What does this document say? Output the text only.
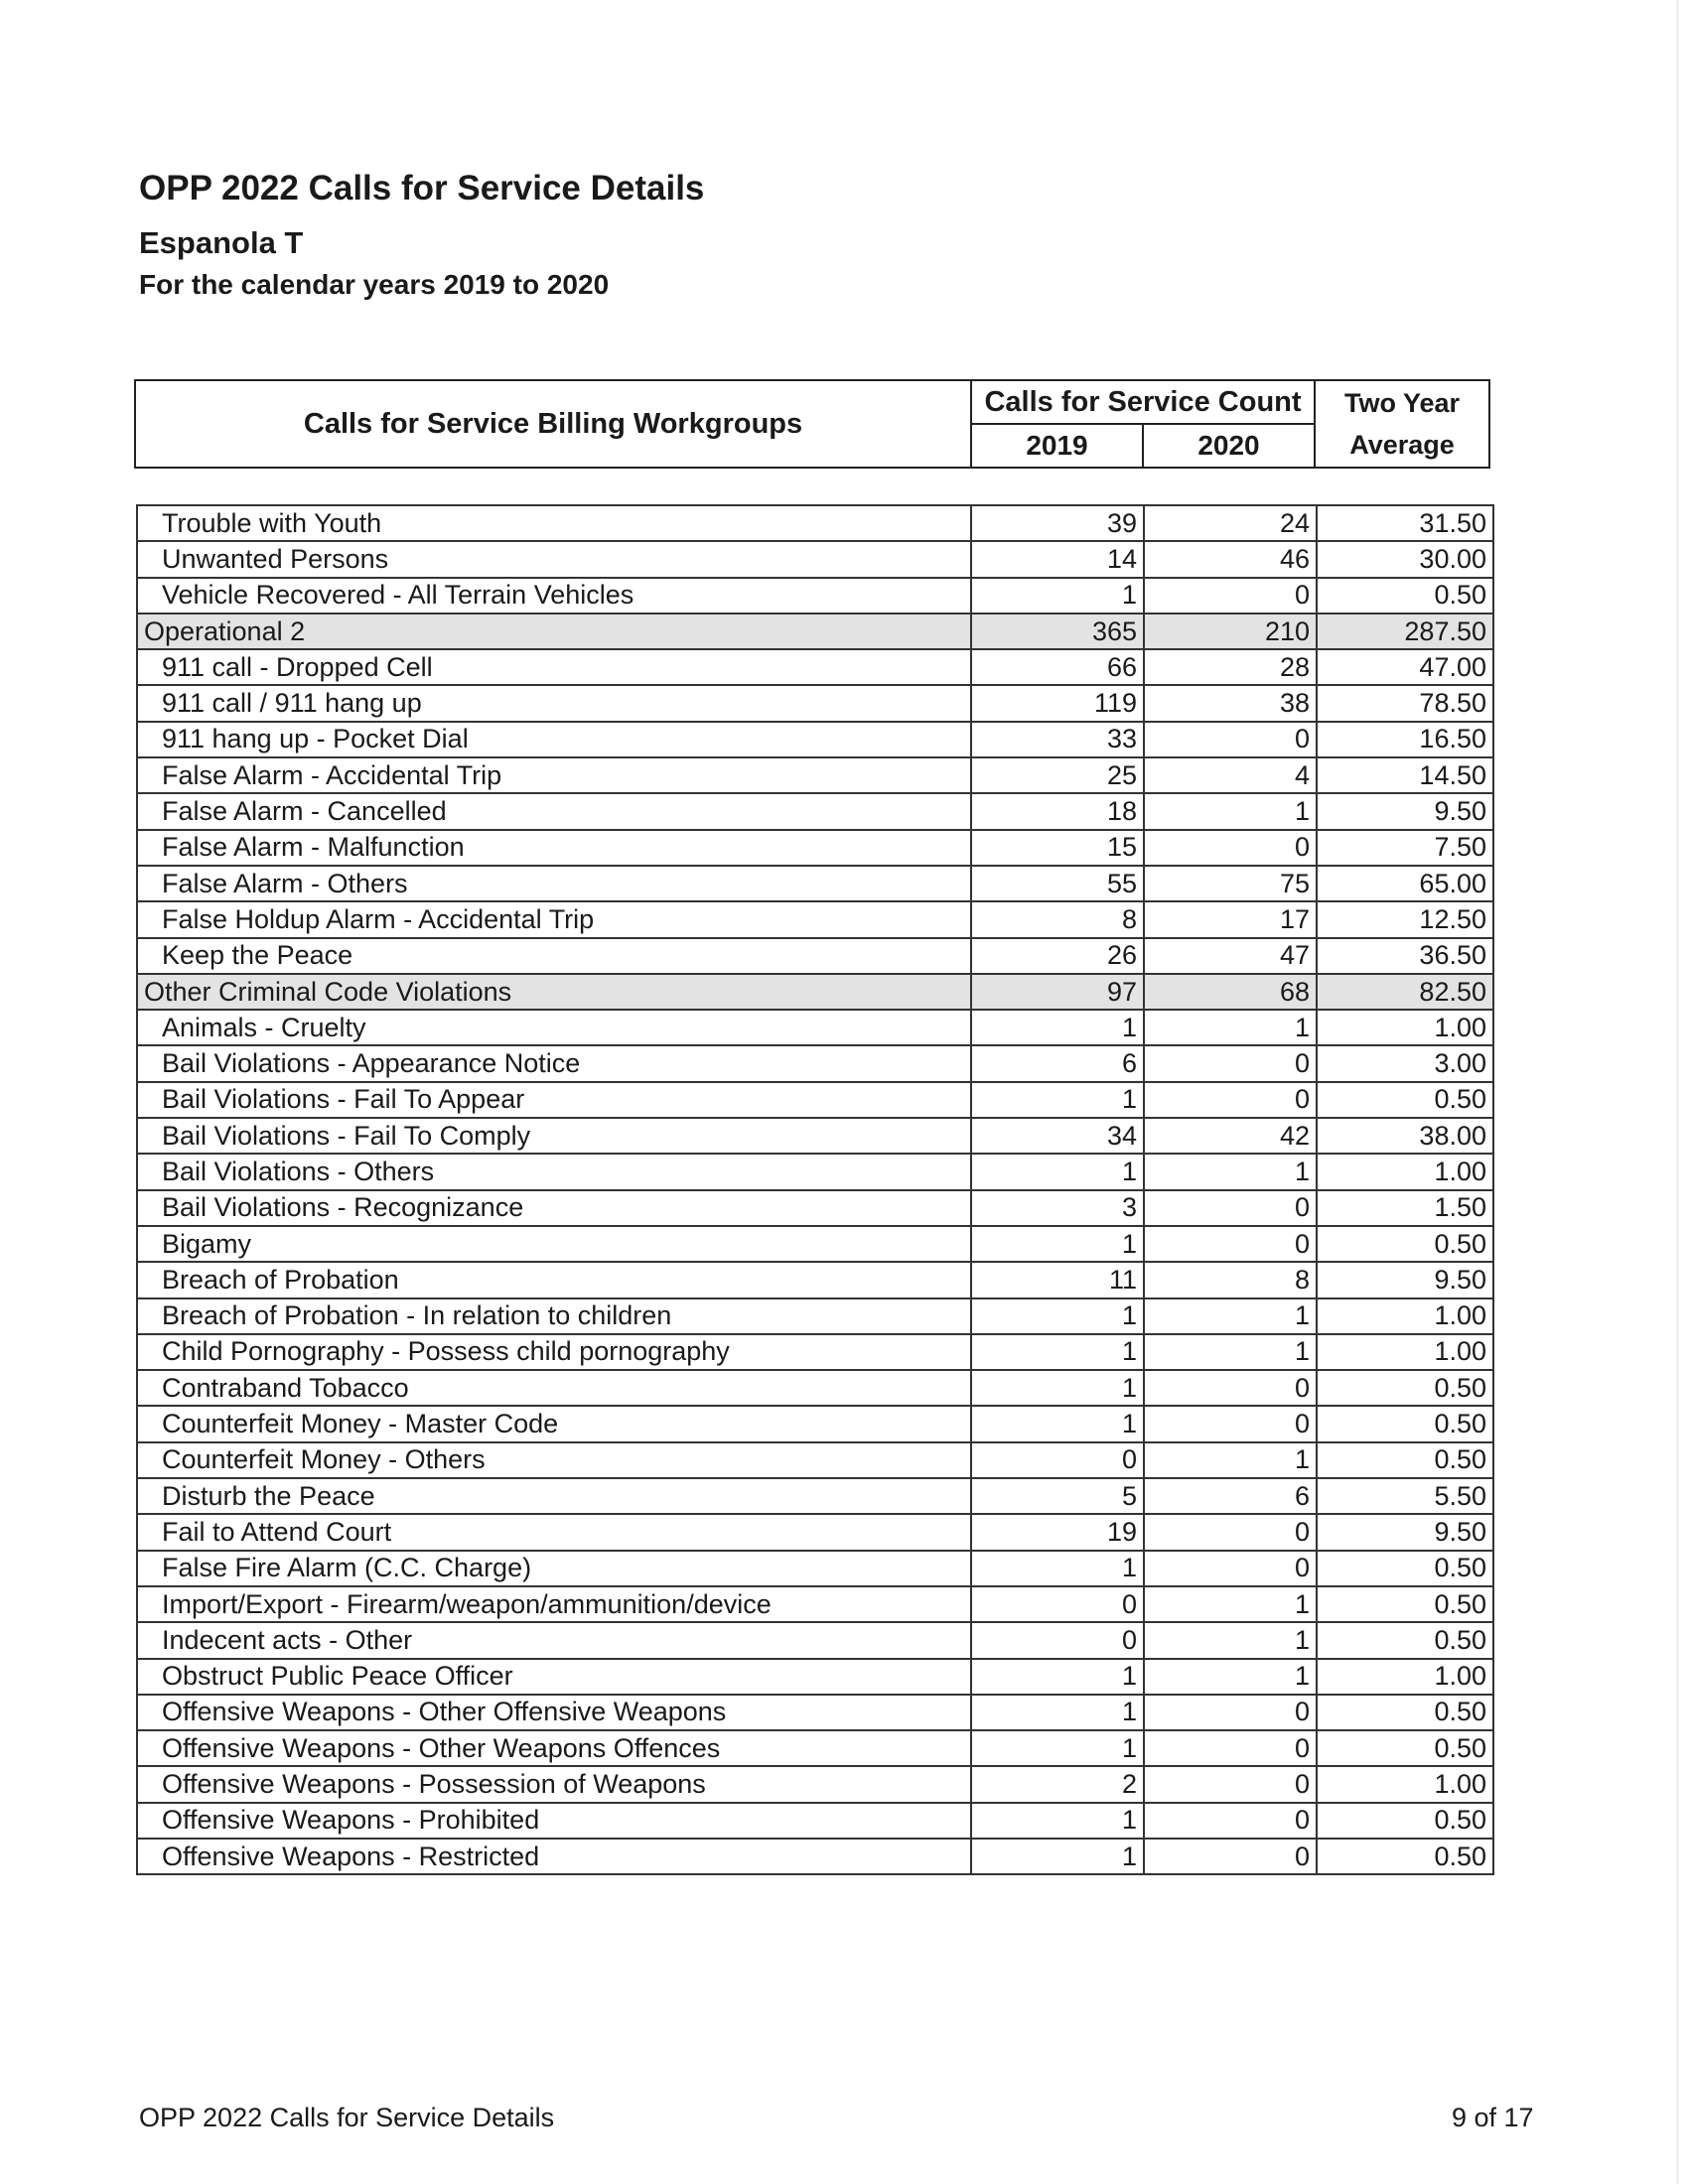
OPP 2022 Calls for Service Details
Espanola T
For the calendar years 2019 to 2020
Calls for Service Billing Workgroups
Calls for Service Count
2019	2020
Two Year
Average
Trouble with Youth	39	24	31.50
Unwanted Persons	14	46	30.00
Vehicle Recovered - All Terrain Vehicles	1	0	0.50
Operational 2	365	210	287.50
911 call - Dropped Cell	66	28	47.00
911 call / 911 hang up	119	38	78.50
911 hang up - Pocket Dial	33	0	16.50
False Alarm - Accidental Trip	25	4	14.50
False Alarm - Cancelled	18	1	9.50
False Alarm - Malfunction	15	0	7.50
False Alarm - Others	55	75	65.00
False Holdup Alarm - Accidental Trip	8	17	12.50
Keep the Peace	26	47	36.50
Other Criminal Code Violations	97	68	82.50
Animals - Cruelty	1	1	1.00
Bail Violations - Appearance Notice	6	0	3.00
Bail Violations - Fail To Appear	1	0	0.50
Bail Violations - Fail To Comply	34	42	38.00
Bail Violations - Others	1	1	1.00
Bail Violations - Recognizance	3	0	1.50
Bigamy	1	0	0.50
Breach of Probation	11	8	9.50
Breach of Probation - In relation to children	1	1	1.00
Child Pornography - Possess child pornography	1	1	1.00
Contraband Tobacco	1	0	0.50
Counterfeit Money - Master Code	1	0	0.50
Counterfeit Money - Others	0	1	0.50
Disturb the Peace	5	6	5.50
Fail to Attend Court	19	0	9.50
False Fire Alarm (C.C. Charge)	1	0	0.50
Import/Export - Firearm/weapon/ammunition/device	0	1	0.50
Indecent acts - Other	0	1	0.50
Obstruct Public Peace Officer	1	1	1.00
Offensive Weapons - Other Offensive Weapons	1	0	0.50
Offensive Weapons - Other Weapons Offences	1	0	0.50
Offensive Weapons - Possession of Weapons	2	0	1.00
Offensive Weapons - Prohibited	1	0	0.50
Offensive Weapons - Restricted	1	0	0.50
OPP 2022 Calls for Service Details	9 of 17
